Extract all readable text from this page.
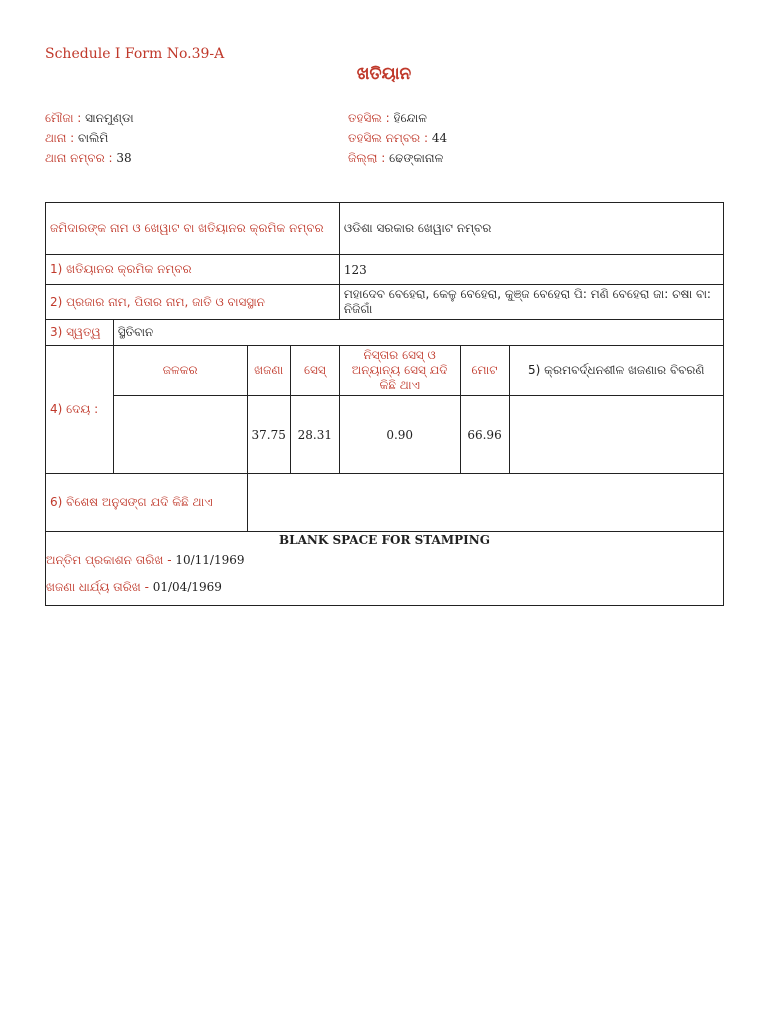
Schedule I Form No.39-A
ଖତିୟାନ
ମୌଜା : ସାନମୁଣ୍ଡା
ଥାନା : ବାଲିମି
ଥାନା ନମ୍ବର : 38
ତହସିଲ : ହିନ୍ଦୋଳ
ତହସିଲ ନମ୍ବର : 44
ଜିଲ୍ଲା : ଢେଙ୍କାନାଳ
ଜମିଦାରଙ୍କ ନାମ ଓ ଖେୱାଟ ବା ଖତିୟାନର କ୍ରମିକ ନମ୍ବର				ଓଡିଶା ସରକାର ଖେୱାଟ ନମ୍ବର		
1) ଖତିୟାନର କ୍ରମିକ ନମ୍ବର				123		
2) ପ୍ରଜାର ନାମ, ପିତାର ନାମ, ଜାତି ଓ ବାସସ୍ଥାନ				ମହାଦେବ ବେହେରା, କେଳୁ ବେହେରା, କୁଞ୍ଜ ବେହେରା ପି: ମଣି ବେହେରା ଜା: ଚଷା ବା: ନିଜିଗାଁ		
3) ସ୍ୱତ୍ୱ	ସ୍ଥିତିବାନ					
4) ଦେୟ :	ଜଳକର	ଖଜଣା	ସେସ୍	ନିସ୍ତାର ସେସ୍ ଓ ଅନ୍ୟାନ୍ୟ ସେସ୍ ଯଦି କିଛି ଥାଏ	ମୋଟ	5) କ୍ରମବର୍ଦ୍ଧନଶୀଳ ଖଜଣାର ବିବରଣି
		37.75	28.31	0.90	66.96	
6) ବିଶେଷ ଅନୁସଙ୍ଗ ଯଦି କିଛି ଥାଏ						

BLANK SPACE FOR STAMPING
ଅନ୍ତିମ ପ୍ରକାଶନ ତାରିଖ - 10/11/1969
ଖଜଣା ଧାର୍ଯ୍ୟ ତାରିଖ - 01/04/1969						
